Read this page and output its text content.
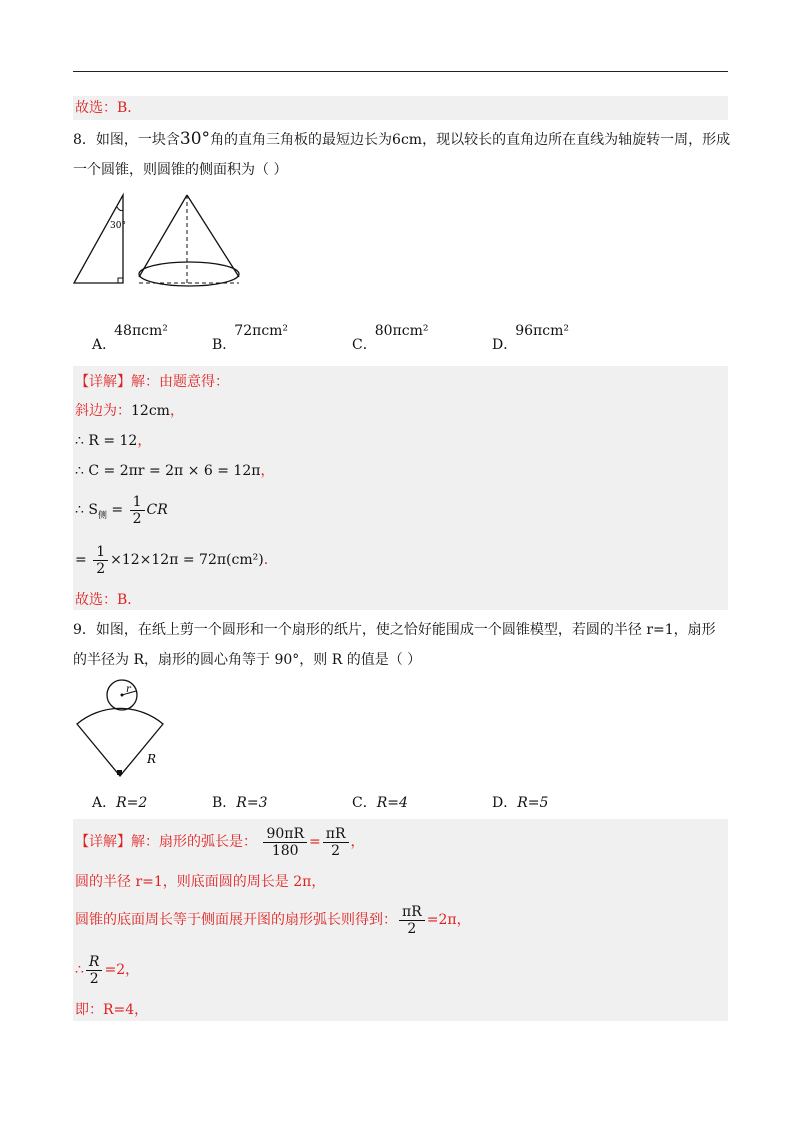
故选：B．
8．如图，一块含30°角的直角三角板的最短边长为6cm，现以较长的直角边所在直线为轴旋转一周，形成
一个圆锥，则圆锥的侧面积为（ ）
30°
A．48πcm²
B．72πcm²
C．80πcm²
D．96πcm²
【详解】解：由题意得：
斜边为：12cm，
∴ R = 12，
∴ C = 2πr = 2π × 6 = 12π，
∴ $S_侧 = \frac{1}{2}$ CR
= $\frac{1}{2} \times 12\times 12\pi = 72\pi(cm^2)$．
故选：B．
9．如图，在纸上剪一个圆形和一个扇形的纸片，使之恰好能围成一个圆锥模型，若圆的半径 r=1，扇形
的半径为 R，扇形的圆心角等于 90°，则 R 的值是（ ）
r
R
A．R=2	B．R=3	C．R=4	D．R=5
【详解】解：扇形的弧长是： $\frac{90\pi R}{180} = \frac{\pi R}{2}$ ，
圆的半径 r=1，则底面圆的周长是 2π，
圆锥的底面周长等于侧面展开图的扇形弧长则得到： $\frac{\pi R}{2} =2\pi$，
∴ $\frac{R}{2} =2$，
即：R=4，
